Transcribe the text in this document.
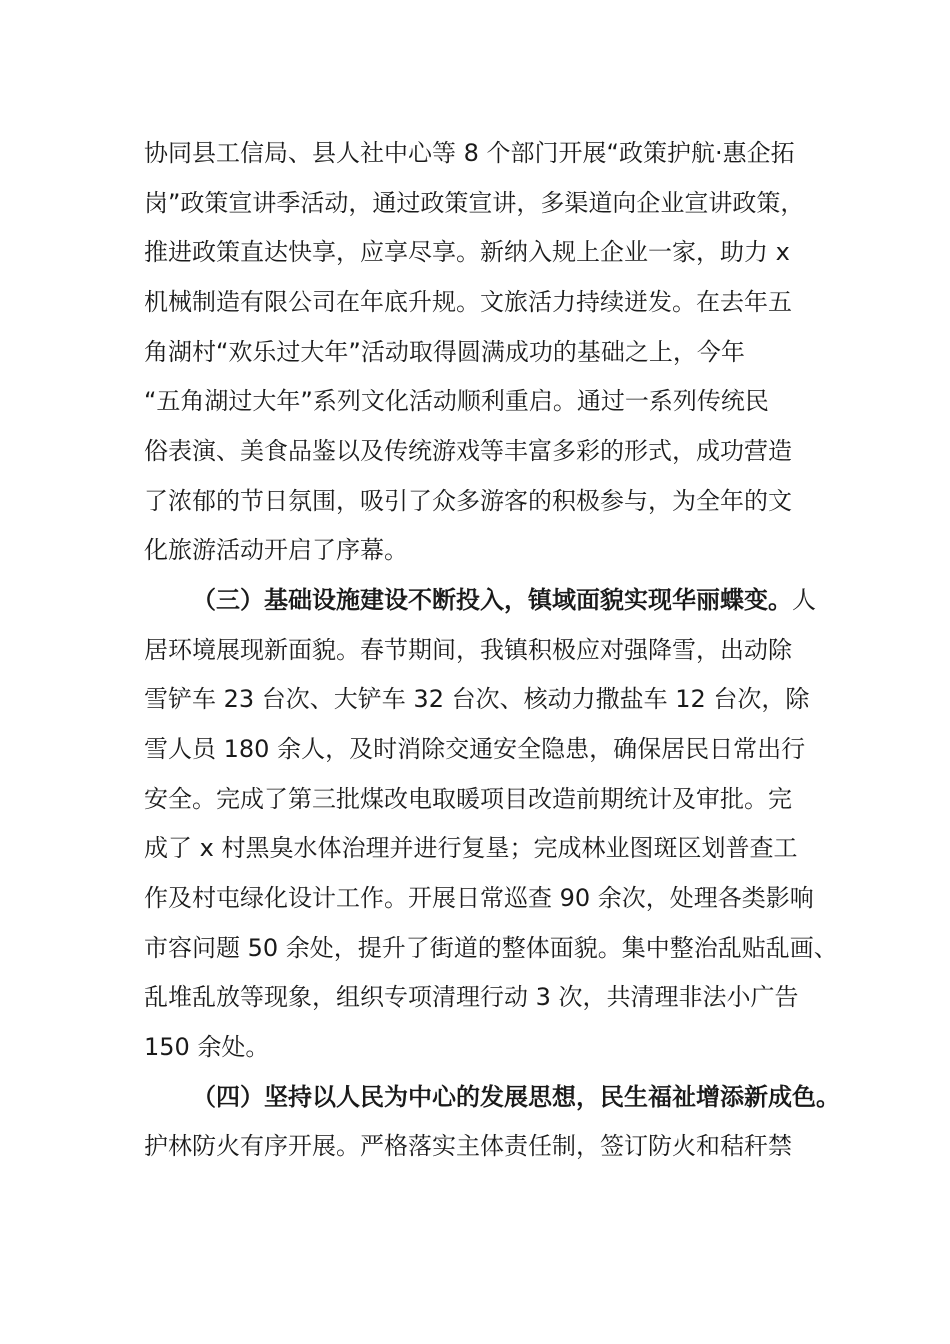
协同县工信局、县人社中心等 8 个部门开展“政策护航·惠企拓
岗”政策宣讲季活动，通过政策宣讲，多渠道向企业宣讲政策，
推进政策直达快享，应享尽享。新纳入规上企业一家，助力 x
机械制造有限公司在年底升规。文旅活力持续迸发。在去年五
角湖村“欢乐过大年”活动取得圆满成功的基础之上，今年
“五角湖过大年”系列文化活动顺利重启。通过一系列传统民
俗表演、美食品鉴以及传统游戏等丰富多彩的形式，成功营造
了浓郁的节日氛围，吸引了众多游客的积极参与，为全年的文
化旅游活动开启了序幕。
（三）基础设施建设不断投入，镇域面貌实现华丽蝶变。人
居环境展现新面貌。春节期间，我镇积极应对强降雪，出动除
雪铲车 23 台次、大铲车 32 台次、核动力撒盐车 12 台次，除
雪人员 180 余人，及时消除交通安全隐患，确保居民日常出行
安全。完成了第三批煤改电取暖项目改造前期统计及审批。完
成了 x 村黑臭水体治理并进行复垦；完成林业图斑区划普查工
作及村屯绿化设计工作。开展日常巡查 90 余次，处理各类影响
市容问题 50 余处，提升了街道的整体面貌。集中整治乱贴乱画、
乱堆乱放等现象，组织专项清理行动 3 次，共清理非法小广告
150 余处。
（四）坚持以人民为中心的发展思想，民生福祉增添新成色。
护林防火有序开展。严格落实主体责任制，签订防火和秸秆禁
